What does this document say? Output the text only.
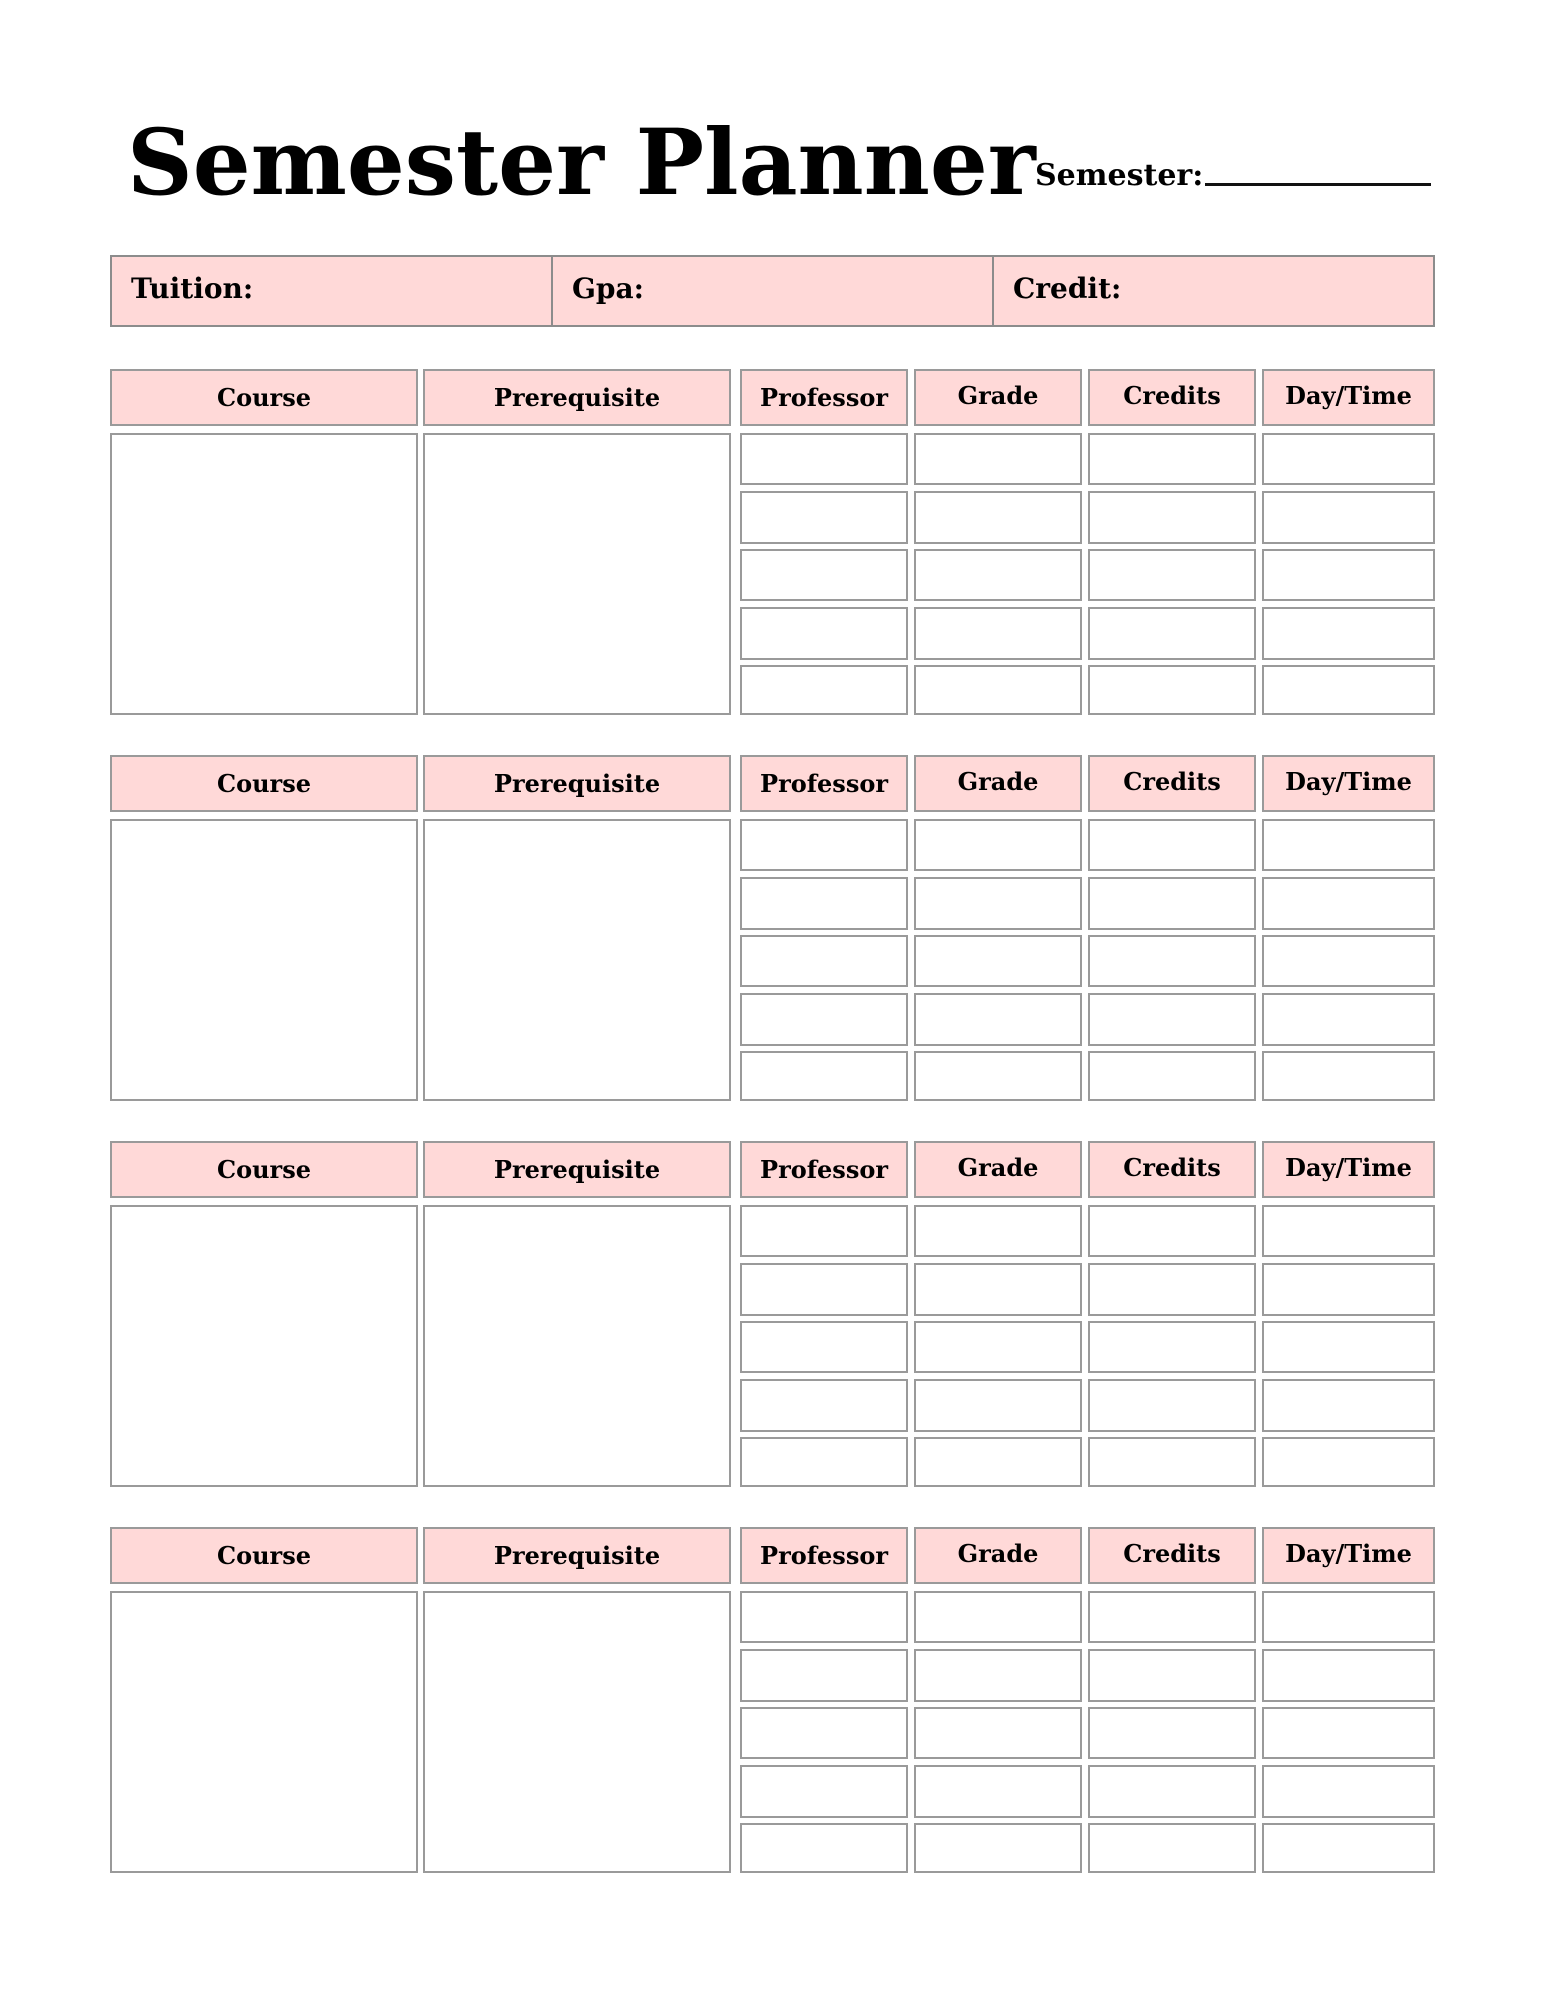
Semester Planner Semester:
Tuition:	Gpa:	Credit:
Course	Prerequisite	Professor	Grade	Credits	Day/Time
Course	Prerequisite	Professor	Grade	Credits	Day/Time
Course	Prerequisite	Professor	Grade	Credits	Day/Time
Course	Prerequisite	Professor	Grade	Credits	Day/Time
